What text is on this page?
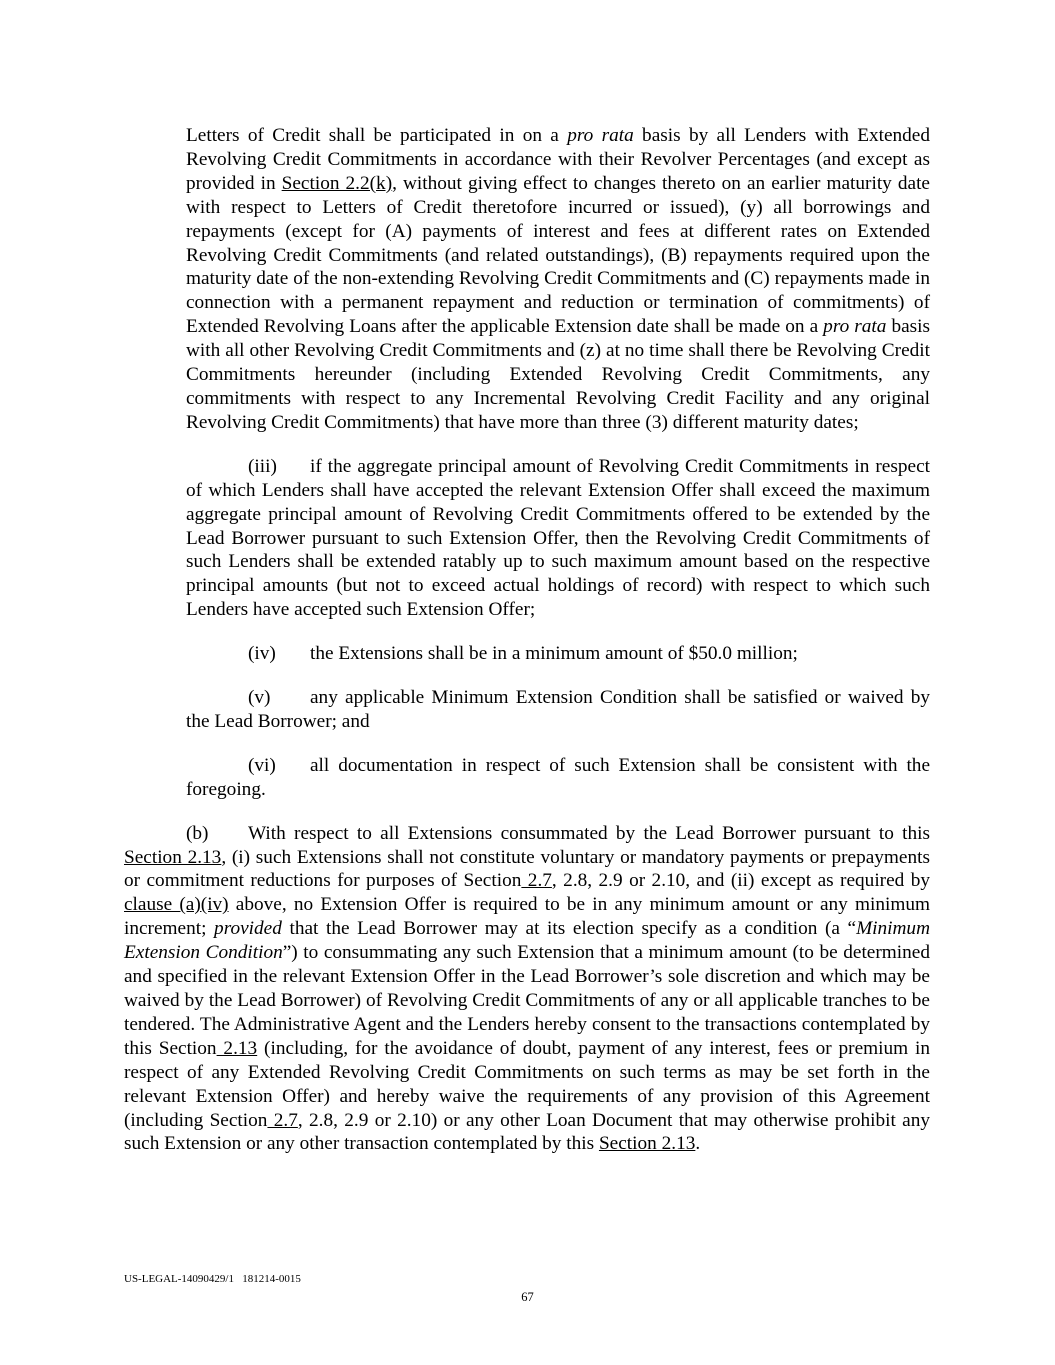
Letters of Credit shall be participated in on a pro rata basis by all Lenders with Extended Revolving Credit Commitments in accordance with their Revolver Percentages (and except as provided in Section 2.2(k), without giving effect to changes thereto on an earlier maturity date with respect to Letters of Credit theretofore incurred or issued), (y) all borrowings and repayments (except for (A) payments of interest and fees at different rates on Extended Revolving Credit Commitments (and related outstandings), (B) repayments required upon the maturity date of the non-extending Revolving Credit Commitments and (C) repayments made in connection with a permanent repayment and reduction or termination of commitments) of Extended Revolving Loans after the applicable Extension date shall be made on a pro rata basis with all other Revolving Credit Commitments and (z) at no time shall there be Revolving Credit Commitments hereunder (including Extended Revolving Credit Commitments, any commitments with respect to any Incremental Revolving Credit Facility and any original Revolving Credit Commitments) that have more than three (3) different maturity dates;

(iii) if the aggregate principal amount of Revolving Credit Commitments in respect of which Lenders shall have accepted the relevant Extension Offer shall exceed the maximum aggregate principal amount of Revolving Credit Commitments offered to be extended by the Lead Borrower pursuant to such Extension Offer, then the Revolving Credit Commitments of such Lenders shall be extended ratably up to such maximum amount based on the respective principal amounts (but not to exceed actual holdings of record) with respect to which such Lenders have accepted such Extension Offer;

(iv) the Extensions shall be in a minimum amount of $50.0 million;

(v) any applicable Minimum Extension Condition shall be satisfied or waived by the Lead Borrower; and

(vi) all documentation in respect of such Extension shall be consistent with the foregoing.

(b) With respect to all Extensions consummated by the Lead Borrower pursuant to this Section 2.13, (i) such Extensions shall not constitute voluntary or mandatory payments or prepayments or commitment reductions for purposes of Section 2.7, 2.8, 2.9 or 2.10, and (ii) except as required by clause (a)(iv) above, no Extension Offer is required to be in any minimum amount or any minimum increment; provided that the Lead Borrower may at its election specify as a condition (a “Minimum Extension Condition”) to consummating any such Extension that a minimum amount (to be determined and specified in the relevant Extension Offer in the Lead Borrower’s sole discretion and which may be waived by the Lead Borrower) of Revolving Credit Commitments of any or all applicable tranches to be tendered. The Administrative Agent and the Lenders hereby consent to the transactions contemplated by this Section 2.13 (including, for the avoidance of doubt, payment of any interest, fees or premium in respect of any Extended Revolving Credit Commitments on such terms as may be set forth in the relevant Extension Offer) and hereby waive the requirements of any provision of this Agreement (including Section 2.7, 2.8, 2.9 or 2.10) or any other Loan Document that may otherwise prohibit any such Extension or any other transaction contemplated by this Section 2.13.

US-LEGAL-14090429/1   181214-0015
67
